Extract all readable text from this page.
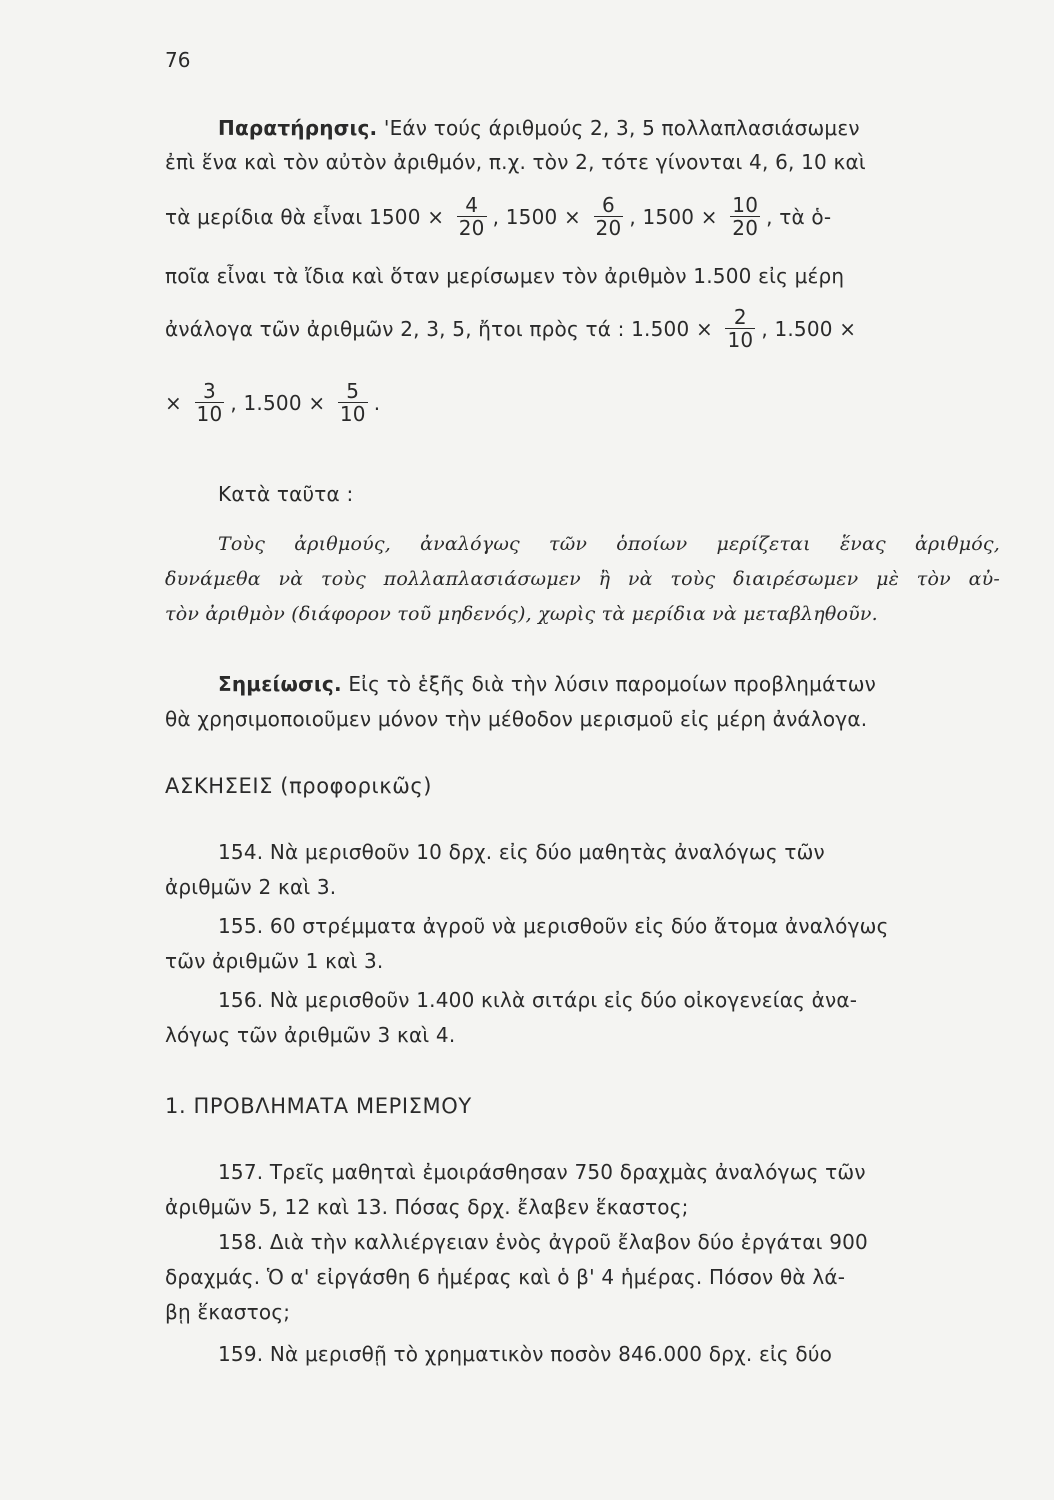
76
Παρατήρησις. 'Εάν τούς άριθμούς 2, 3, 5 πολλαπλασιάσωμεν
ἐπὶ ἕνα καὶ τὸν αὐτὸν ἀριθμόν, π.χ. τὸν 2, τότε γίνονται 4, 6, 10 καὶ
τὰ μερίδια θὰ εἶναι $1500 \times \frac{4}{20}$ , $1500 \times \frac{6}{20}$ , $1500 \times \frac{10}{20}$ , τὰ ὁ-
ποῖα εἶναι τὰ ἴδια καὶ ὅταν μερίσωμεν τὸν ἀριθμὸν 1.500 εἰς μέρη
ἀνάλογα τῶν ἀριθμῶν 2, 3, 5, ἤτοι πρὸς τά : $1.500 \times \frac{2}{10}$ , 1.500 ×
× $\frac{3}{10}$ , $1.500 \times \frac{5}{10}$ .
Κατὰ ταῦτα :
Τοὺς ἀριθμούς, ἀναλόγως τῶν ὁποίων μερίζεται ἕνας ἀριθμός,
δυνάμεθα νὰ τοὺς πολλαπλασιάσωμεν ἢ νὰ τοὺς διαιρέσωμεν μὲ τὸν αὐ-
τὸν ἀριθμὸν (διάφορον τοῦ μηδενός), χωρὶς τὰ μερίδια νὰ μεταβληθοῦν.
Σημείωσις. Εἰς τὸ ἑξῆς διὰ τὴν λύσιν παρομοίων προβλημάτων
θὰ χρησιμοποιοῦμεν μόνον τὴν μέθοδον μερισμοῦ εἰς μέρη ἀνάλογα.
ΑΣΚΗΣΕΙΣ (προφορικῶς)
154. Νὰ μερισθοῦν 10 δρχ. εἰς δύο μαθητὰς ἀναλόγως τῶν
ἀριθμῶν 2 καὶ 3.
155. 60 στρέμματα ἀγροῦ νὰ μερισθοῦν εἰς δύο ἄτομα ἀναλόγως
τῶν ἀριθμῶν 1 καὶ 3.
156. Νὰ μερισθοῦν 1.400 κιλὰ σιτάρι εἰς δύο οἰκογενείας ἀνα-
λόγως τῶν ἀριθμῶν 3 καὶ 4.
1. ΠΡΟΒΛΗΜΑΤΑ ΜΕΡΙΣΜΟΥ
157. Τρεῖς μαθηταὶ ἐμοιράσθησαν 750 δραχμὰς ἀναλόγως τῶν
ἀριθμῶν 5, 12 καὶ 13. Πόσας δρχ. ἔλαβεν ἕκαστος;
158. Διὰ τὴν καλλιέργειαν ἑνὸς ἀγροῦ ἔλαβον δύο ἐργάται 900
δραχμάς. Ὁ α' εἰργάσθη 6 ἡμέρας καὶ ὁ β' 4 ἡμέρας. Πόσον θὰ λά-
βῃ ἕκαστος;
159. Νὰ μερισθῇ τὸ χρηματικὸν ποσὸν 846.000 δρχ. εἰς δύο
